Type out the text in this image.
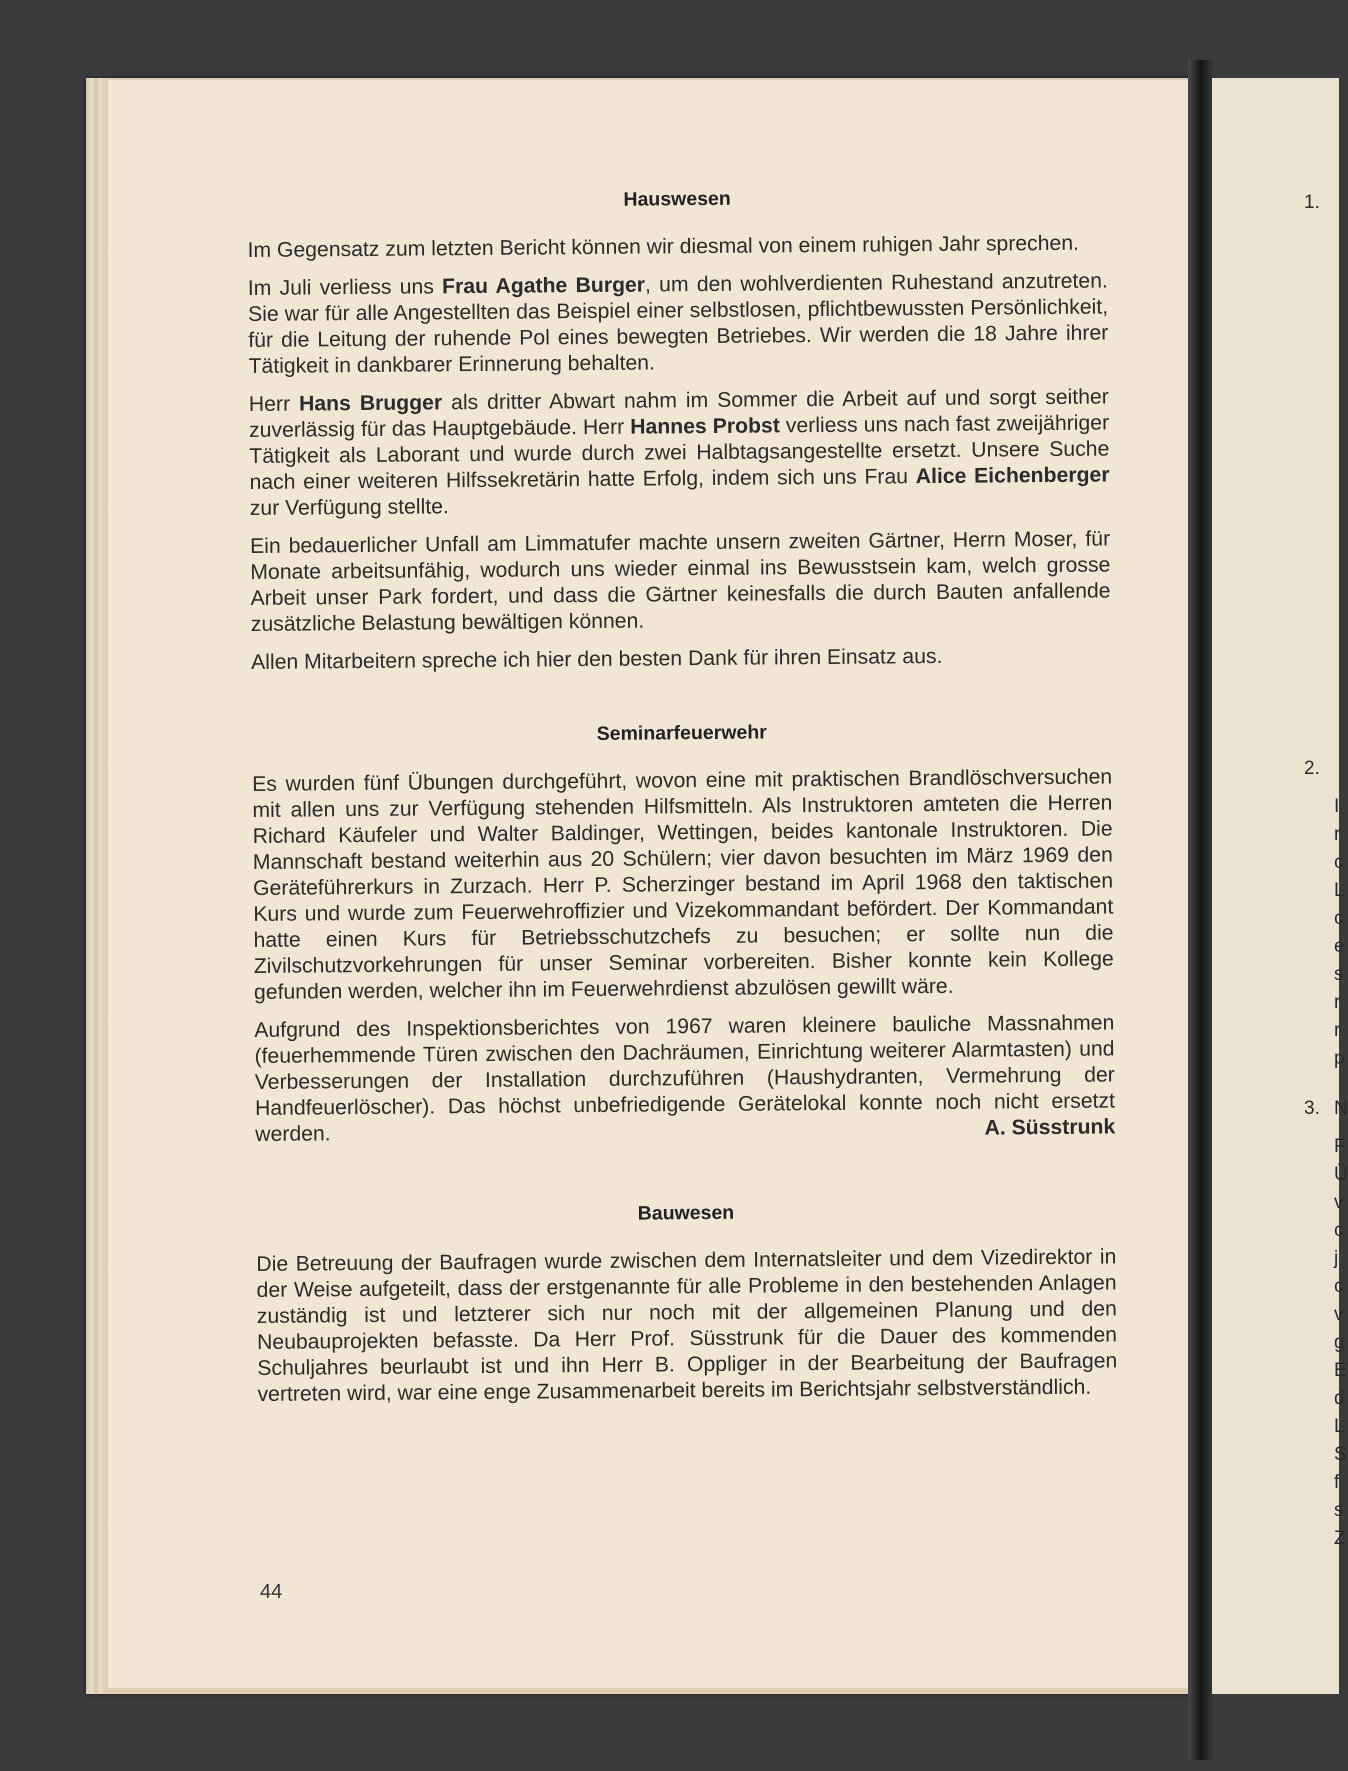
1.
2.
3.
I
r
c
L
c
e
s
r
r
p
N
F
Ü
v
c
j
c
v
g
E
d
L
S
f
s
Z
Hauswesen

Im Gegensatz zum letzten Bericht können wir diesmal von einem ruhigen Jahr sprechen.

Im Juli verliess uns Frau Agathe Burger, um den wohlverdienten Ruhestand anzutreten. Sie war für alle Angestellten das Beispiel einer selbstlosen, pflichtbewussten Persönlichkeit, für die Leitung der ruhende Pol eines bewegten Betriebes. Wir werden die 18 Jahre ihrer Tätigkeit in dankbarer Erinnerung behalten.

Herr Hans Brugger als dritter Abwart nahm im Sommer die Arbeit auf und sorgt seither zuverlässig für das Hauptgebäude. Herr Hannes Probst verliess uns nach fast zweijähriger Tätigkeit als Laborant und wurde durch zwei Halbtagsangestellte ersetzt. Unsere Suche nach einer weiteren Hilfssekretärin hatte Erfolg, indem sich uns Frau Alice Eichenberger zur Verfügung stellte.

Ein bedauerlicher Unfall am Limmatufer machte unsern zweiten Gärtner, Herrn Moser, für Monate arbeitsunfähig, wodurch uns wieder einmal ins Bewusstsein kam, welch grosse Arbeit unser Park fordert, und dass die Gärtner keinesfalls die durch Bauten anfallende zusätzliche Belastung bewältigen können.

Allen Mitarbeitern spreche ich hier den besten Dank für ihren Einsatz aus.

Seminarfeuerwehr

Es wurden fünf Übungen durchgeführt, wovon eine mit praktischen Brandlöschversuchen mit allen uns zur Verfügung stehenden Hilfsmitteln. Als Instruktoren amteten die Herren Richard Käufeler und Walter Baldinger, Wettingen, beides kantonale Instruktoren. Die Mannschaft bestand weiterhin aus 20 Schülern; vier davon besuchten im März 1969 den Geräteführerkurs in Zurzach. Herr P. Scherzinger bestand im April 1968 den taktischen Kurs und wurde zum Feuerwehroffizier und Vizekommandant befördert. Der Kommandant hatte einen Kurs für Betriebsschutzchefs zu besuchen; er sollte nun die Zivilschutzvorkehrungen für unser Seminar vorbereiten. Bisher konnte kein Kollege gefunden werden, welcher ihn im Feuerwehrdienst abzulösen gewillt wäre.

Aufgrund des Inspektionsberichtes von 1967 waren kleinere bauliche Massnahmen (feuerhemmende Türen zwischen den Dachräumen, Einrichtung weiterer Alarmtasten) und Verbesserungen der Installation durchzuführen (Haushydranten, Vermehrung der Handfeuerlöscher). Das höchst unbefriedigende Gerätelokal konnte noch nicht ersetzt werden.	A. Süsstrunk

Bauwesen

Die Betreuung der Baufragen wurde zwischen dem Internatsleiter und dem Vizedirektor in der Weise aufgeteilt, dass der erstgenannte für alle Probleme in den bestehenden Anlagen zuständig ist und letzterer sich nur noch mit der allgemeinen Planung und den Neubauprojekten befasste. Da Herr Prof. Süsstrunk für die Dauer des kommenden Schuljahres beurlaubt ist und ihn Herr B. Oppliger in der Bearbeitung der Baufragen vertreten wird, war eine enge Zusammenarbeit bereits im Berichtsjahr selbstverständlich.

44
